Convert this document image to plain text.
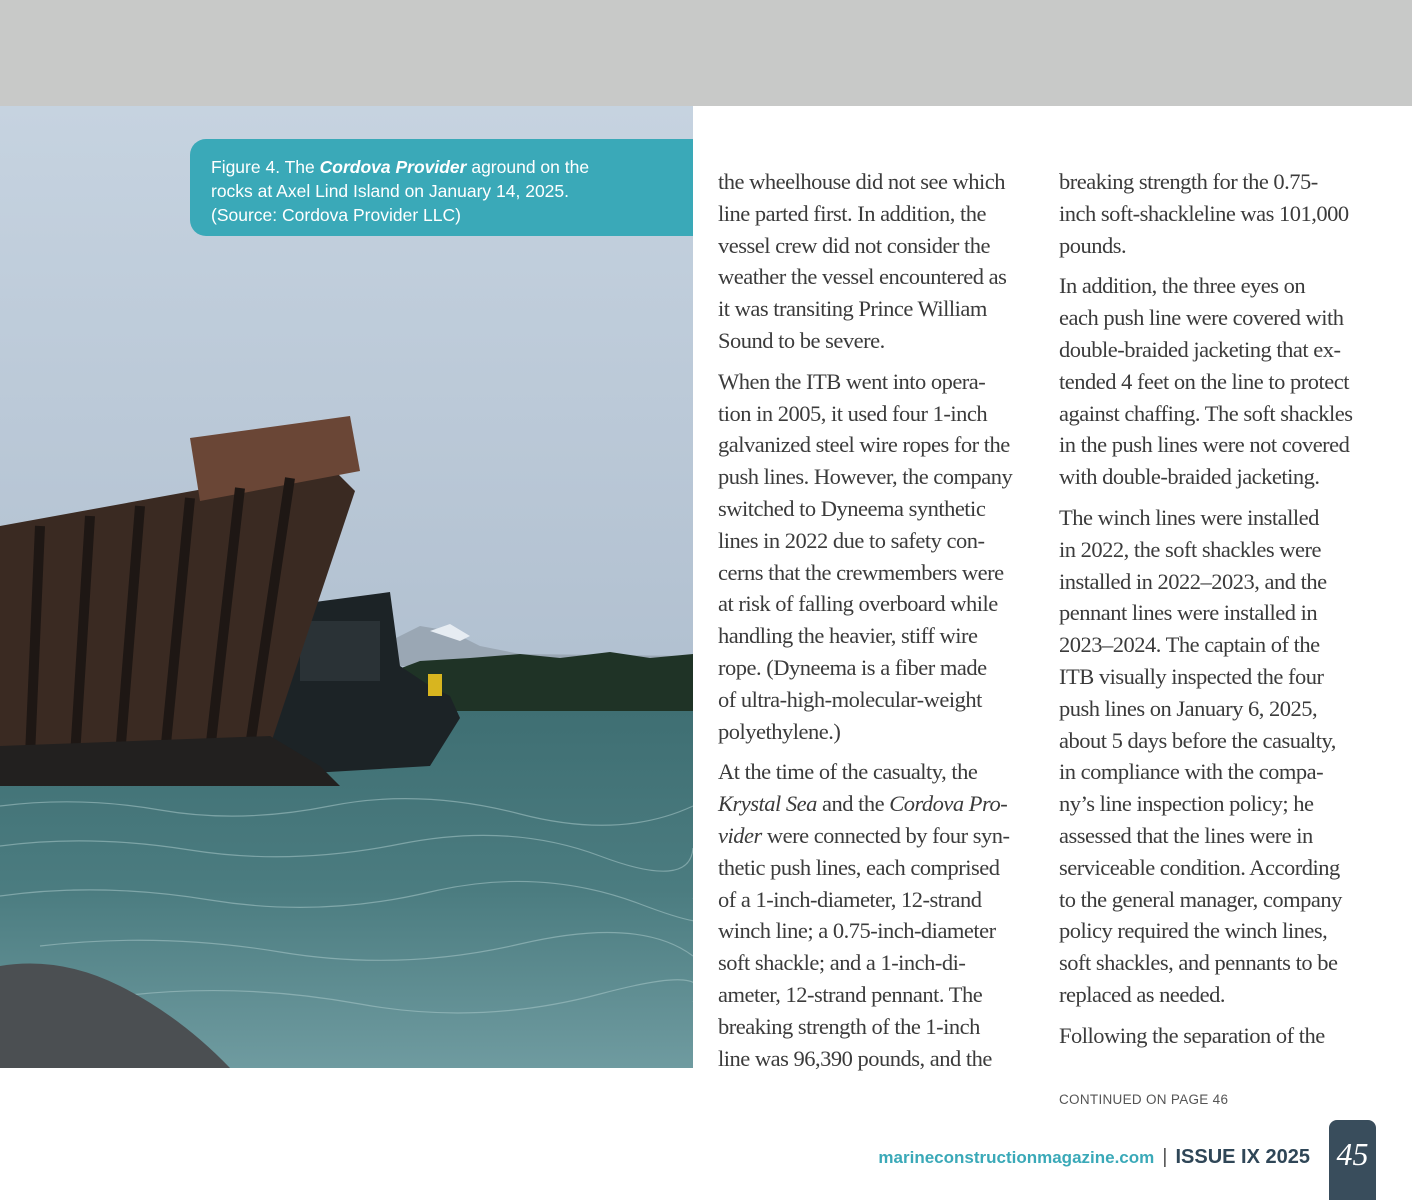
Figure 4. The Cordova Provider aground on the
rocks at Axel Lind Island on January 14, 2025.
(Source: Cordova Provider LLC)

the wheelhouse did not see which
line parted first. In addition, the
vessel crew did not consider the
weather the vessel encountered as
it was transiting Prince William
Sound to be severe.

When the ITB went into opera-
tion in 2005, it used four 1-inch
galvanized steel wire ropes for the
push lines. However, the company
switched to Dyneema synthetic
lines in 2022 due to safety con-
cerns that the crewmembers were
at risk of falling overboard while
handling the heavier, stiff wire
rope. (Dyneema is a fiber made
of ultra-high-molecular-weight
polyethylene.)

At the time of the casualty, the
Krystal Sea and the Cordova Pro-
vider were connected by four syn-
thetic push lines, each comprised
of a 1-inch-diameter, 12-strand
winch line; a 0.75-inch-diameter
soft shackle; and a 1-inch-di-
ameter, 12-strand pennant. The
breaking strength of the 1-inch
line was 96,390 pounds, and the

breaking strength for the 0.75-
inch soft-shackleline was 101,000
pounds.

In addition, the three eyes on
each push line were covered with
double-braided jacketing that ex-
tended 4 feet on the line to protect
against chaffing. The soft shackles
in the push lines were not covered
with double-braided jacketing.

The winch lines were installed
in 2022, the soft shackles were
installed in 2022–2023, and the
pennant lines were installed in
2023–2024. The captain of the
ITB visually inspected the four
push lines on January 6, 2025,
about 5 days before the casualty,
in compliance with the compa-
ny’s line inspection policy; he
assessed that the lines were in
serviceable condition. According
to the general manager, company
policy required the winch lines,
soft shackles, and pennants to be
replaced as needed.

Following the separation of the

CONTINUED ON PAGE 46
marineconstructionmagazine.com | ISSUE IX 2025 45
